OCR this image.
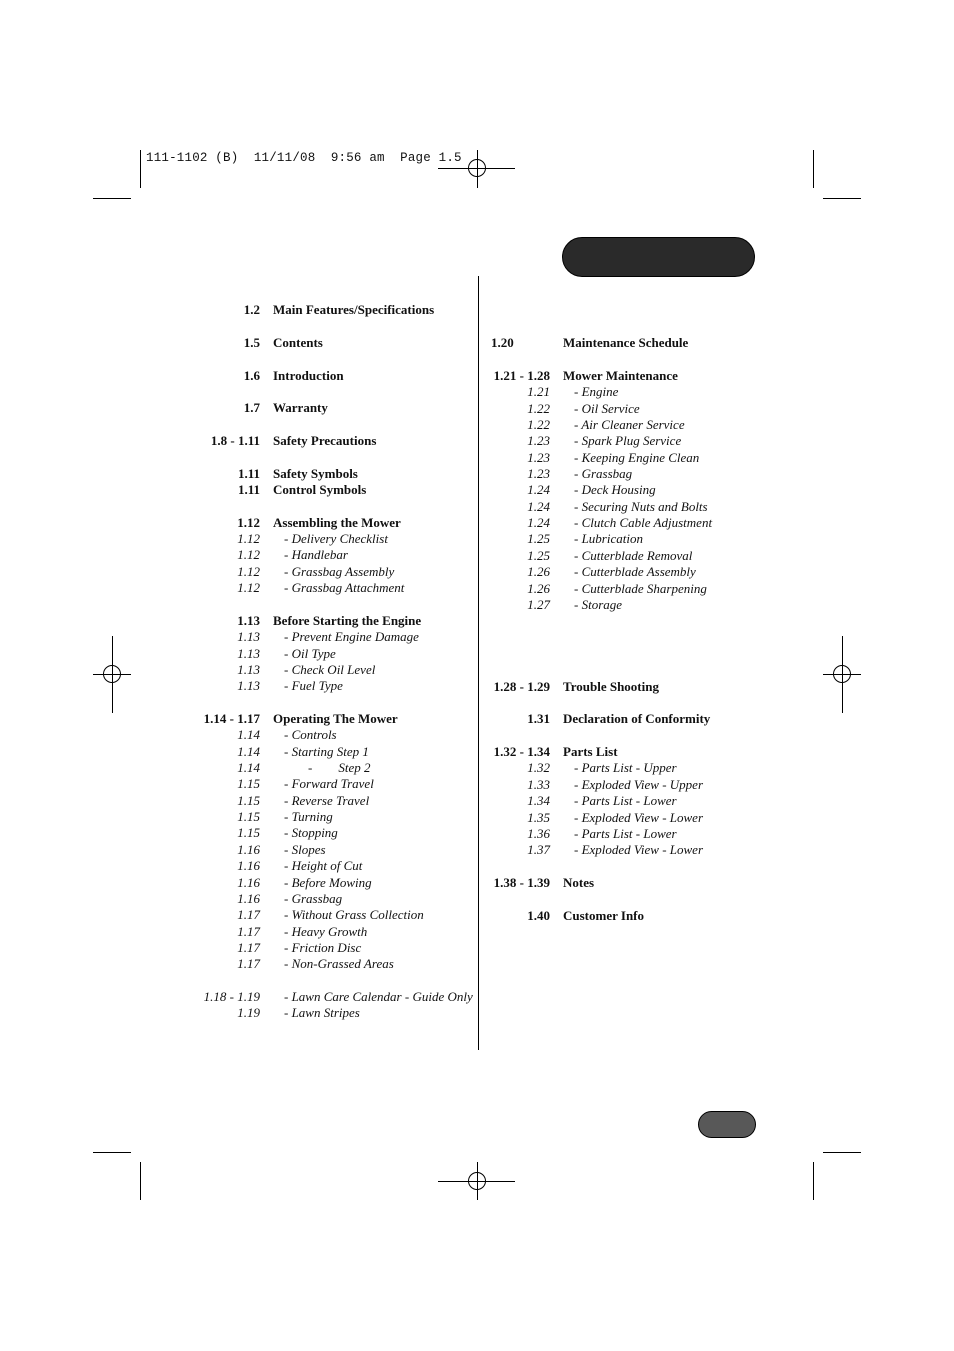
111-1102 (B)  11/11/08  9:56 am  Page 1.5
1.2 Main Features/Specifications
1.5 Contents
1.6 Introduction
1.7 Warranty
1.8 - 1.11 Safety Precautions
1.11 Safety Symbols
1.11 Control Symbols
1.12 Assembling the Mower
1.12 - Delivery Checklist
1.12 - Handlebar
1.12 - Grassbag Assembly
1.12 - Grassbag Attachment
1.13 Before Starting the Engine
1.13 - Prevent Engine Damage
1.13 - Oil Type
1.13 - Check Oil Level
1.13 - Fuel Type
1.14 - 1.17 Operating The Mower
1.14 - Controls
1.14 - Starting Step 1
1.14	-        Step 2
1.15 - Forward Travel
1.15 - Reverse Travel
1.15 - Turning
1.15 - Stopping
1.16 - Slopes
1.16 - Height of Cut
1.16 - Before Mowing
1.16 - Grassbag
1.17 - Without Grass Collection
1.17 - Heavy Growth
1.17 - Friction Disc
1.17 - Non-Grassed Areas
1.18 - 1.19 - Lawn Care Calendar - Guide Only
1.19 - Lawn Stripes
1.20	Maintenance Schedule
1.21 - 1.28 Mower Maintenance
1.21 - Engine
1.22 - Oil Service
1.22 - Air Cleaner Service
1.23 - Spark Plug Service
1.23 - Keeping Engine Clean
1.23 - Grassbag
1.24 - Deck Housing
1.24 - Securing Nuts and Bolts
1.24 - Clutch Cable Adjustment
1.25 - Lubrication
1.25 - Cutterblade Removal
1.26 - Cutterblade Assembly
1.26 - Cutterblade Sharpening
1.27 - Storage
1.28 - 1.29 Trouble Shooting
1.31 Declaration of Conformity
1.32 - 1.34 Parts List
1.32 - Parts List - Upper
1.33 - Exploded View - Upper
1.34 - Parts List - Lower
1.35 - Exploded View - Lower
1.36 - Parts List - Lower
1.37 - Exploded View - Lower
1.38 - 1.39 Notes
1.40 Customer Info
